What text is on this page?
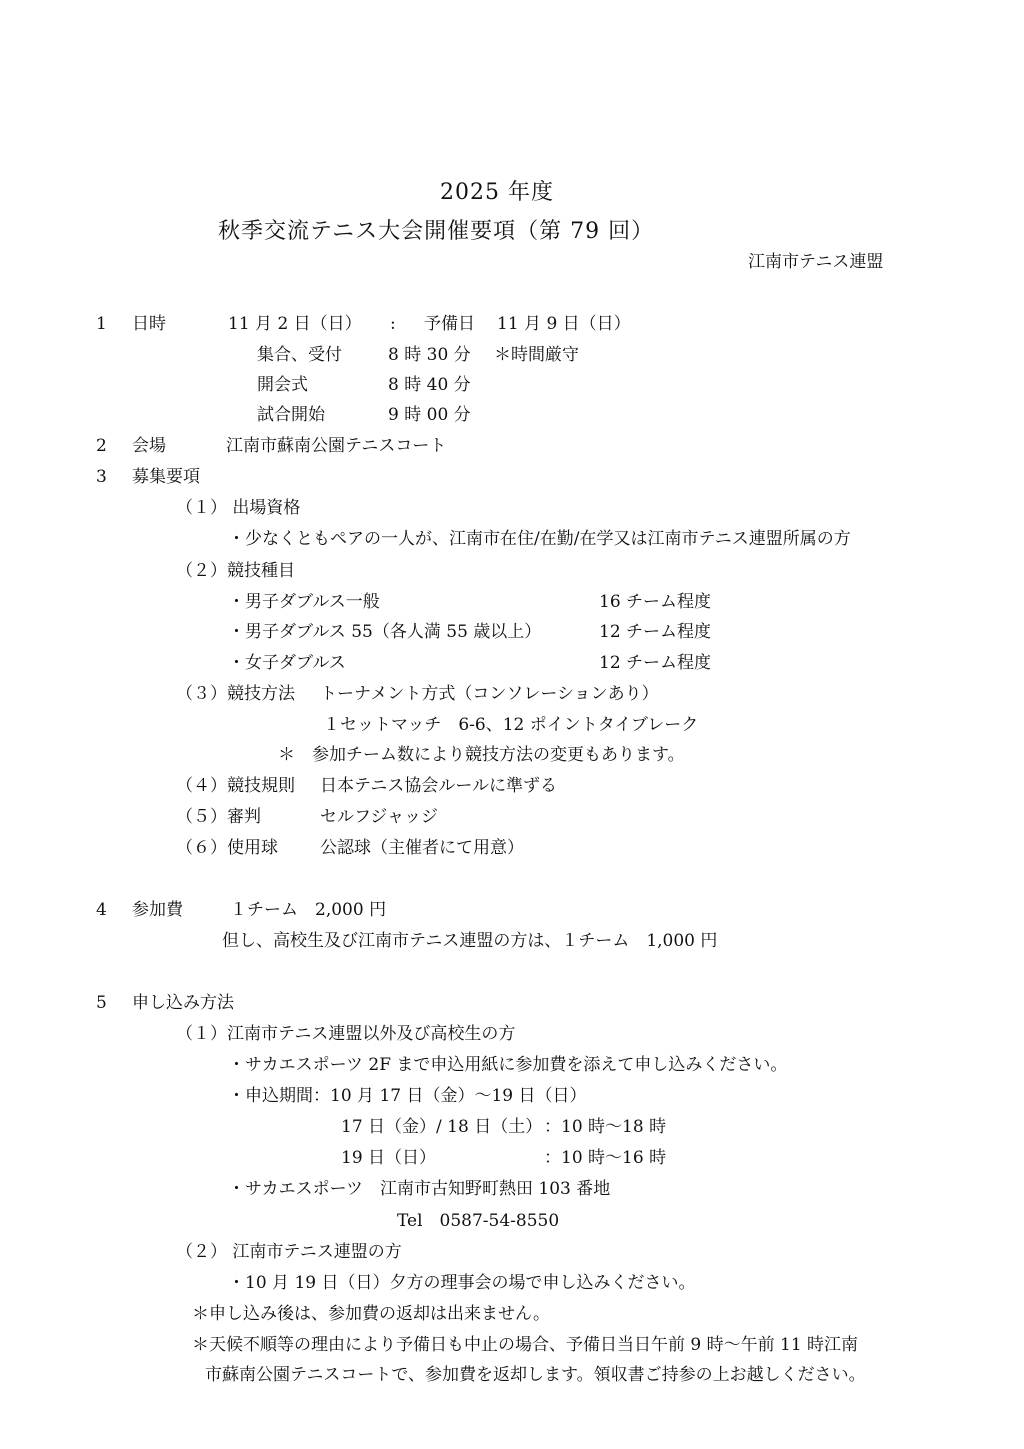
2025 年度
秋季交流テニス大会開催要項（第 79 回）
江南市テニス連盟
1 日時	11 月 2 日（日） : 予備日 11 月 9 日（日）
集合、受付	8 時 30 分 ＊時間厳守
開会式	8 時 40 分
試合開始	9 時 00 分
2 会場	江南市蘇南公園テニスコート
3 募集要項
（１） 出場資格
・少なくともペアの一人が、江南市在住/在勤/在学又は江南市テニス連盟所属の方
（２）競技種目
・男子ダブルス一般	16 チーム程度
・男子ダブルス 55（各人満 55 歳以上）	12 チーム程度
・女子ダブルス	12 チーム程度
（３）競技方法 トーナメント方式（コンソレーションあり）
１セットマッチ　6-6、12 ポイントタイブレーク
＊　参加チーム数により競技方法の変更もあります。
（４）競技規則 日本テニス協会ルールに準ずる
（５）審判	セルフジャッジ
（６）使用球 公認球（主催者にて用意）
4 参加費	１チーム　2,000 円
但し、高校生及び江南市テニス連盟の方は、１チーム　1,000 円
5 申し込み方法
（１）江南市テニス連盟以外及び高校生の方
・サカエスポーツ 2F まで申込用紙に参加費を添えて申し込みください。
・申込期間：10 月 17 日（金）～19 日（日）
17 日（金）/ 18 日（土） ：10 時～18 時
19 日（日）	：10 時～16 時
・サカエスポーツ　江南市古知野町熱田 103 番地
Tel　0587-54-8550
（２） 江南市テニス連盟の方
・10 月 19 日（日）夕方の理事会の場で申し込みください。
＊申し込み後は、参加費の返却は出来ません。
＊天候不順等の理由により予備日も中止の場合、予備日当日午前 9 時～午前 11 時江南
市蘇南公園テニスコートで、参加費を返却します。領収書ご持参の上お越しください。
